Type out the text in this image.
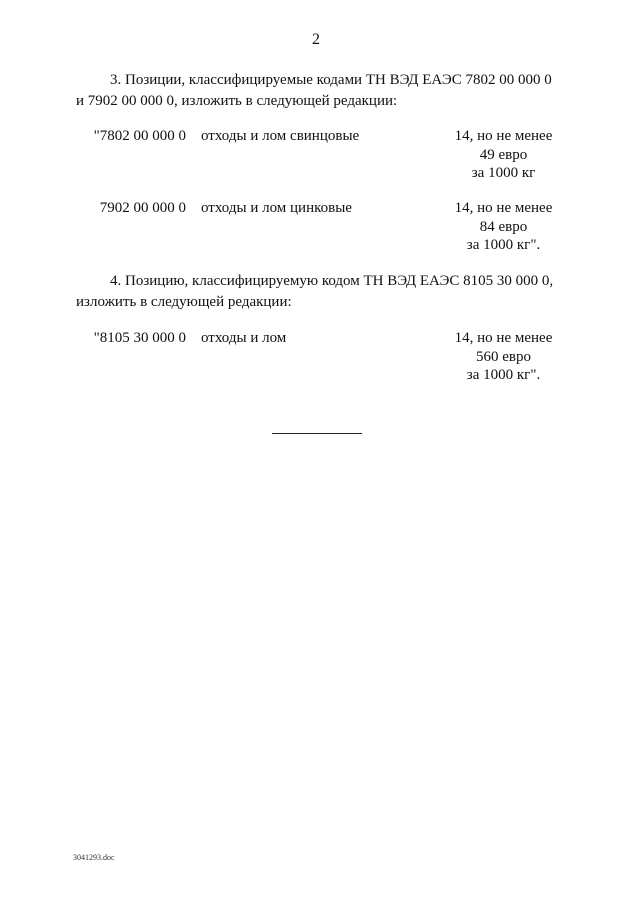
2
3. Позиции, классифицируемые кодами ТН ВЭД ЕАЭС 7802 00 000 0
и 7902 00 000 0, изложить в следующей редакции:
"7802 00 000 0 отходы и лом свинцовые	14, но не менее
49 евро
за 1000 кг
7902 00 000 0 отходы и лом цинковые	14, но не менее
84 евро
за 1000 кг".
4. Позицию, классифицируемую кодом ТН ВЭД ЕАЭС 8105 30 000 0,
изложить в следующей редакции:
"8105 30 000 0 отходы и лом	14, но не менее
560 евро
за 1000 кг".
3041293.doc
